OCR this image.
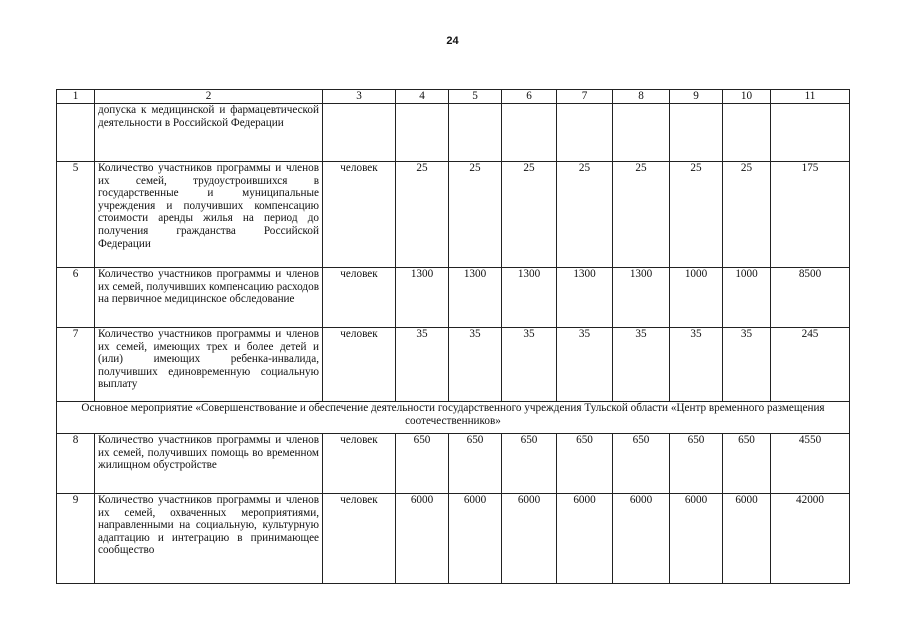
24
1	2	3	4	5	6	7	8	9	10	11
	допуска к медицинской и фармацевтической деятельности в Российской Федерации									
5	Количество участников программы и членов их семей, трудоустроившихся в государственные и муниципальные учреждения и получивших компенсацию стоимости аренды жилья на период до получения гражданства Российской Федерации	человек	25	25	25	25	25	25	25	175
6	Количество участников программы и членов их семей, получивших компенсацию расходов на первичное медицинское обследование	человек	1300	1300	1300	1300	1300	1000	1000	8500
7	Количество участников программы и членов их семей, имеющих трех и более детей и (или) имеющих ребенка-инвалида, получивших единовременную социальную выплату	человек	35	35	35	35	35	35	35	245
Основное мероприятие «Совершенствование и обеспечение деятельности государственного учреждения Тульской области «Центр временного размещения соотечественников»										
8	Количество участников программы и членов их семей, получивших помощь во временном жилищном обустройстве	человек	650	650	650	650	650	650	650	4550
9	Количество участников программы и членов их семей, охваченных мероприятиями, направленными на социальную, культурную адаптацию и интеграцию в принимающее сообщество	человек	6000	6000	6000	6000	6000	6000	6000	42000
